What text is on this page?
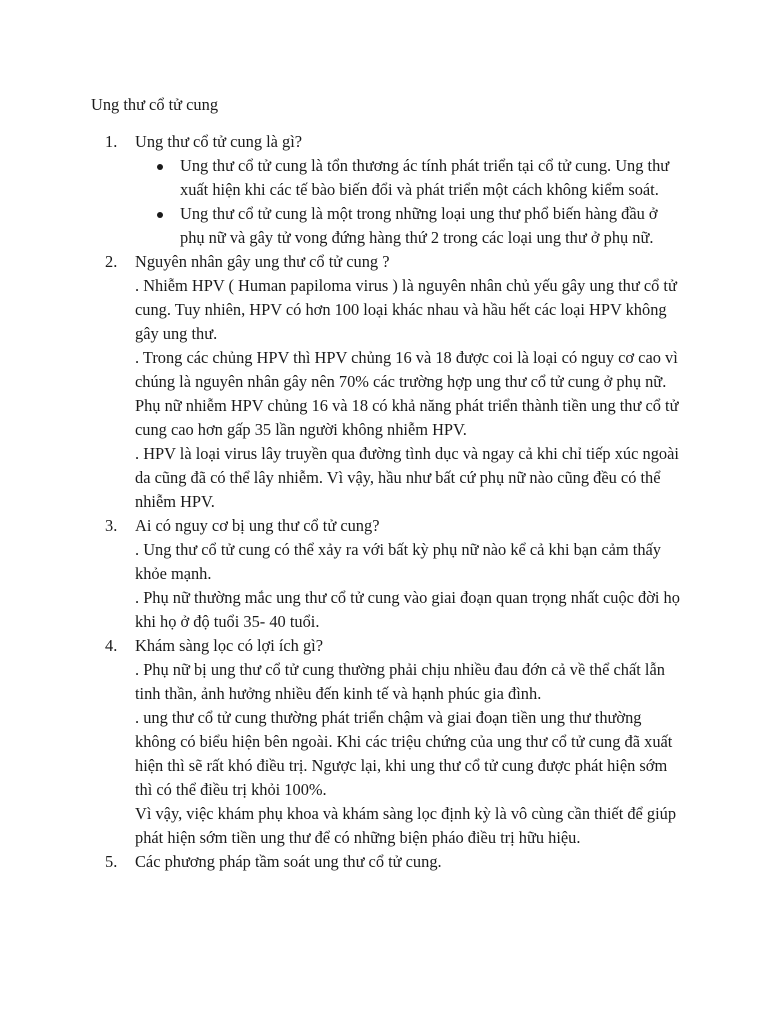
Ung thư cổ tử cung
1. Ung thư cổ tử cung là gì?
Ung thư cổ tử cung là tổn thương ác tính phát triển tại cổ tử cung. Ung thư xuất hiện khi các tế bào biến đổi và phát triển một cách không kiểm soát.
Ung thư cổ tử cung là một trong những loại ung thư phổ biến hàng đầu ở phụ nữ và gây tử vong đứng hàng thứ 2 trong các loại ung thư ở phụ nữ.
2. Nguyên nhân gây ung thư cổ tử cung ?
. Nhiễm HPV ( Human papiloma virus ) là nguyên nhân chủ yếu gây ung thư cổ tử cung. Tuy nhiên, HPV có hơn 100 loại khác nhau và hầu hết các loại HPV không gây ung thư.
. Trong các chủng HPV thì HPV chủng 16 và 18 được coi là loại có nguy cơ cao vì chúng là nguyên nhân gây nên 70% các trường hợp ung thư cổ tử cung ở phụ nữ. Phụ nữ nhiễm HPV chủng 16 và 18 có khả năng phát triển thành tiền ung thư cổ tử cung cao hơn gấp 35 lần người không nhiễm HPV.
. HPV là loại virus lây truyền qua đường tình dục và ngay cả khi chỉ tiếp xúc ngoài da cũng đã có thể lây nhiễm. Vì vậy, hầu như bất cứ phụ nữ nào cũng đều có thể nhiễm HPV.
3. Ai có nguy cơ bị ung thư cổ tử cung?
. Ung thư cổ tử cung có thể xảy ra với bất kỳ phụ nữ nào kể cả khi bạn cảm thấy khỏe mạnh.
. Phụ nữ thường mắc ung thư cổ tử cung vào giai đoạn quan trọng nhất cuộc đời họ khi họ ở độ tuổi 35- 40 tuổi.
4. Khám sàng lọc có lợi ích gì?
. Phụ nữ bị ung thư cổ tử cung thường phải chịu nhiều đau đớn cả về thể chất lẫn tinh thần, ảnh hưởng nhiều đến kinh tế và hạnh phúc gia đình.
. ung thư cổ tử cung thường phát triển chậm và giai đoạn tiền ung thư thường không có biểu hiện bên ngoài. Khi các triệu chứng của ung thư cổ tử cung đã xuất hiện thì sẽ rất khó điều trị. Ngược lại, khi ung thư cổ tử cung được phát hiện sớm thì có thể điều trị khỏi 100%.
Vì vậy, việc khám phụ khoa và khám sàng lọc định kỳ là vô cùng cần thiết để giúp phát hiện sớm tiền ung thư để có những biện pháo điều trị hữu hiệu.
5. Các phương pháp tầm soát ung thư cổ tử cung.
